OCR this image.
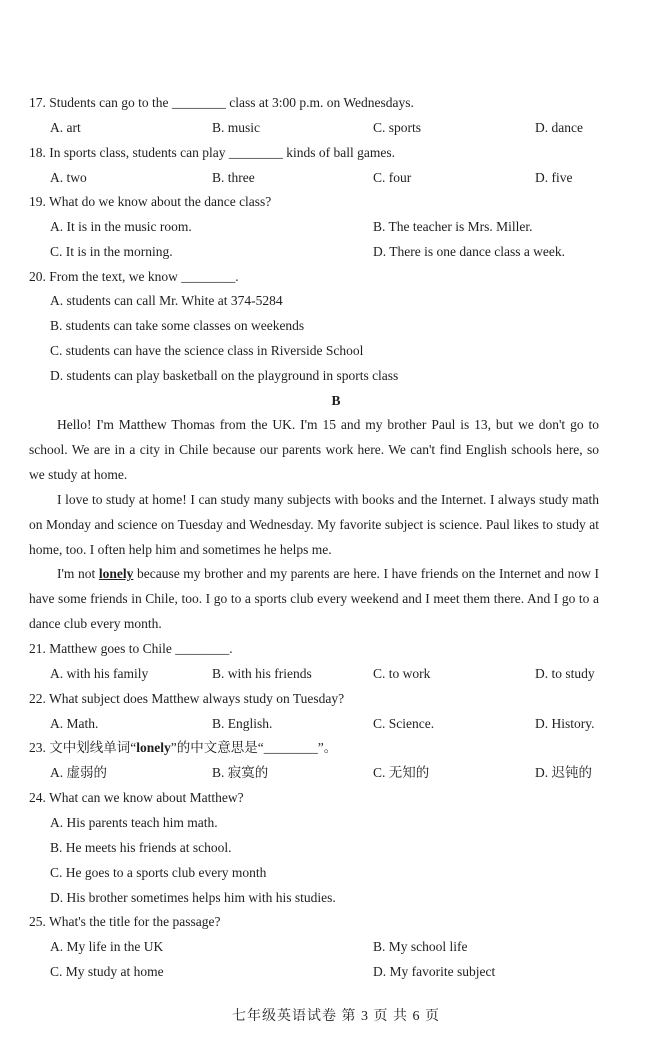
17. Students can go to the ________ class at 3:00 p.m. on Wednesdays.
A. art	B. music	C. sports	D. dance
18. In sports class, students can play ________ kinds of ball games.
A. two	B. three	C. four	D. five
19. What do we know about the dance class?
A. It is in the music room.	B. The teacher is Mrs. Miller.
C. It is in the morning.	D. There is one dance class a week.
20. From the text, we know ________.
A. students can call Mr. White at 374-5284
B. students can take some classes on weekends
C. students can have the science class in Riverside School
D. students can play basketball on the playground in sports class
B
Hello! I'm Matthew Thomas from the UK. I'm 15 and my brother Paul is 13, but we don't go to school. We are in a city in Chile because our parents work here. We can't find English schools here, so we study at home.
I love to study at home! I can study many subjects with books and the Internet. I always study math on Monday and science on Tuesday and Wednesday. My favorite subject is science. Paul likes to study at home, too. I often help him and sometimes he helps me.
I'm not lonely because my brother and my parents are here. I have friends on the Internet and now I have some friends in Chile, too. I go to a sports club every weekend and I meet them there. And I go to a dance club every month.
21. Matthew goes to Chile ________.
A. with his family	B. with his friends	C. to work	D. to study
22. What subject does Matthew always study on Tuesday?
A. Math.	B. English.	C. Science.	D. History.
23. 文中划线单词“lonely”的中文意思是“________”。
A. 虚弱的	B. 寂寞的	C. 无知的	D. 迟钝的
24. What can we know about Matthew?
A. His parents teach him math.
B. He meets his friends at school.
C. He goes to a sports club every month
D. His brother sometimes helps him with his studies.
25. What's the title for the passage?
A. My life in the UK	B. My school life
C. My study at home	D. My favorite subject
七年级英语试卷 第 3 页 共 6 页
